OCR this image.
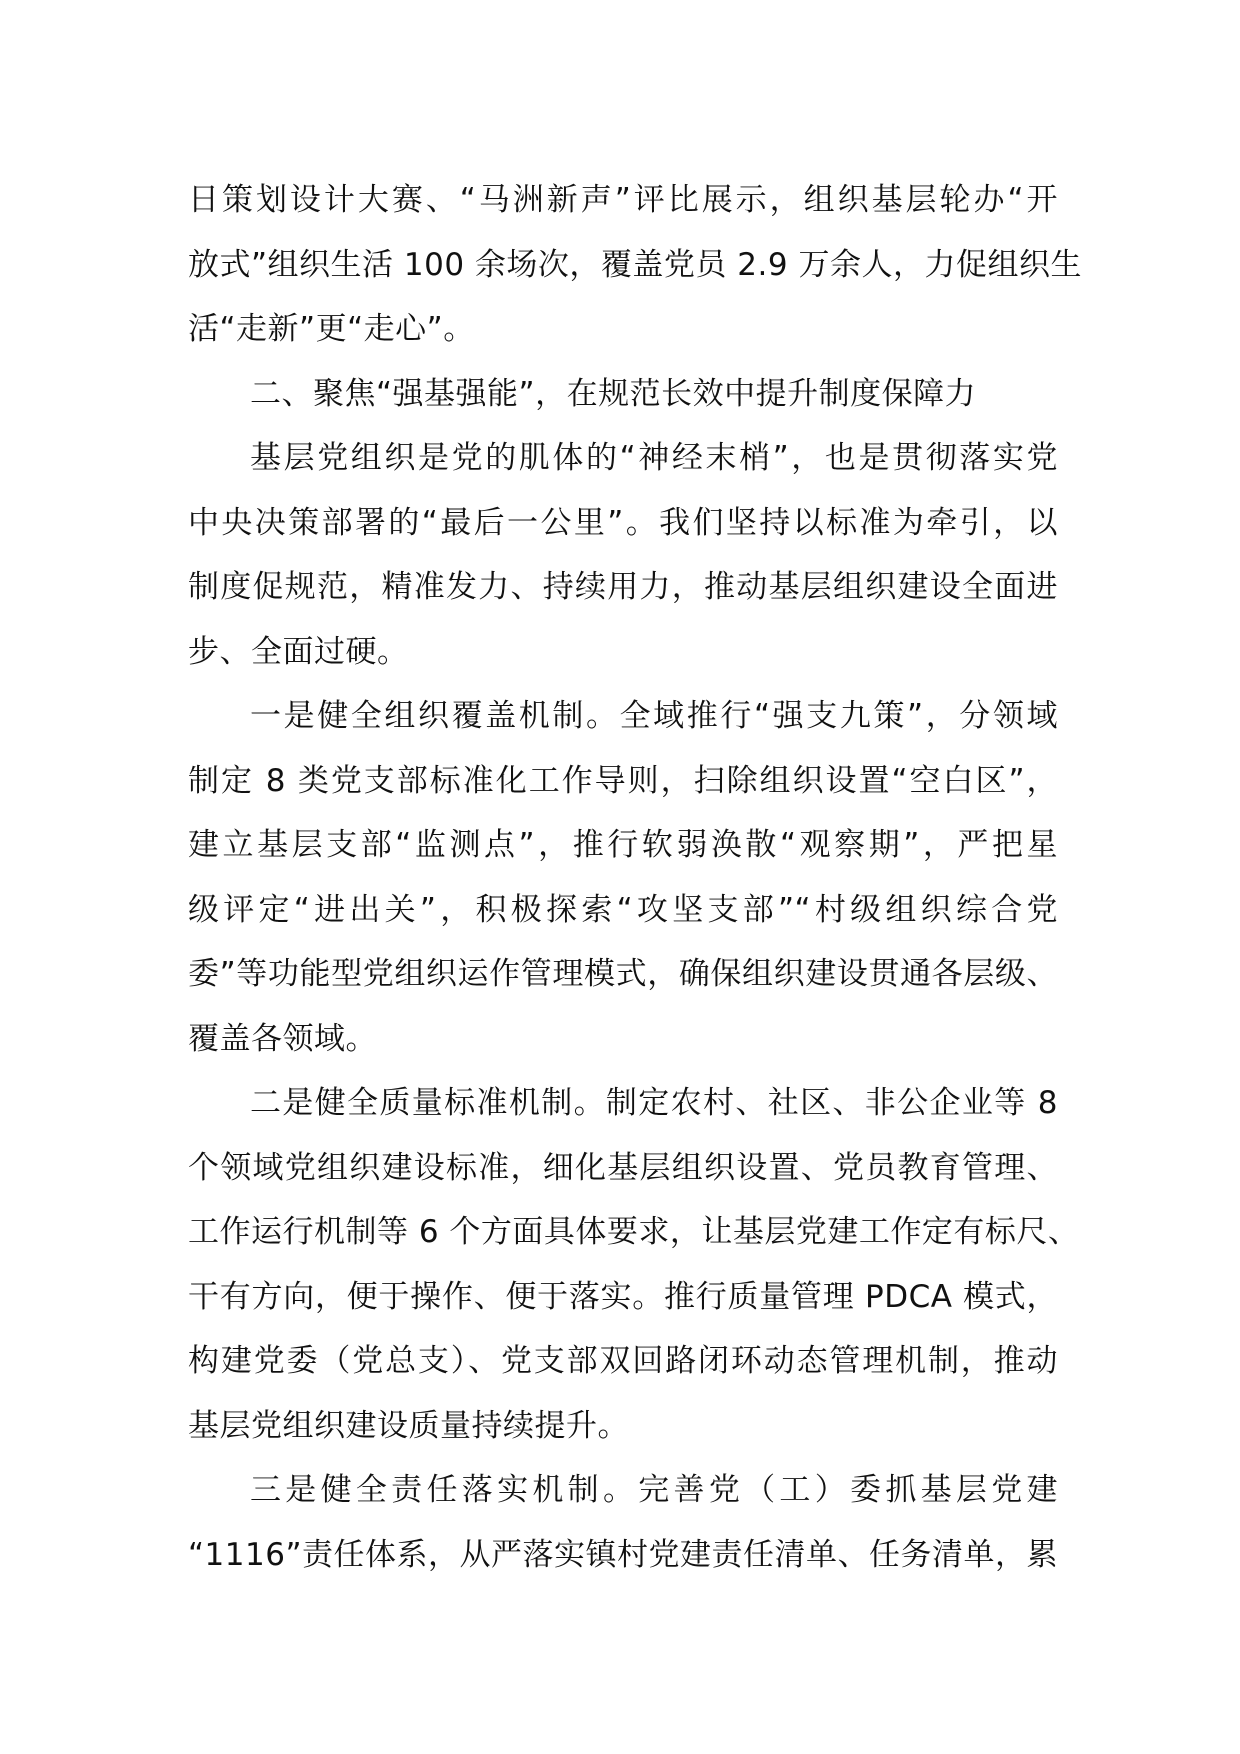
日策划设计大赛、“马洲新声”评比展示，组织基层轮办“开
放式”组织生活 100 余场次，覆盖党员 2.9 万余人，力促组织生
活“走新”更“走心”。
二、聚焦“强基强能”，在规范长效中提升制度保障力
基层党组织是党的肌体的“神经末梢”，也是贯彻落实党
中央决策部署的“最后一公里”。我们坚持以标准为牵引，以
制度促规范，精准发力、持续用力，推动基层组织建设全面进
步、全面过硬。
一是健全组织覆盖机制。全域推行“强支九策”，分领域
制定 8 类党支部标准化工作导则，扫除组织设置“空白区”，
建立基层支部“监测点”，推行软弱涣散“观察期”，严把星
级评定“进出关”，积极探索“攻坚支部”“村级组织综合党
委”等功能型党组织运作管理模式，确保组织建设贯通各层级、
覆盖各领域。
二是健全质量标准机制。制定农村、社区、非公企业等 8
个领域党组织建设标准，细化基层组织设置、党员教育管理、
工作运行机制等 6 个方面具体要求，让基层党建工作定有标尺、
干有方向，便于操作、便于落实。推行质量管理 PDCA 模式，
构建党委（党总支）、党支部双回路闭环动态管理机制，推动
基层党组织建设质量持续提升。
三是健全责任落实机制。完善党（工）委抓基层党建
“1116”责任体系，从严落实镇村党建责任清单、任务清单，累
